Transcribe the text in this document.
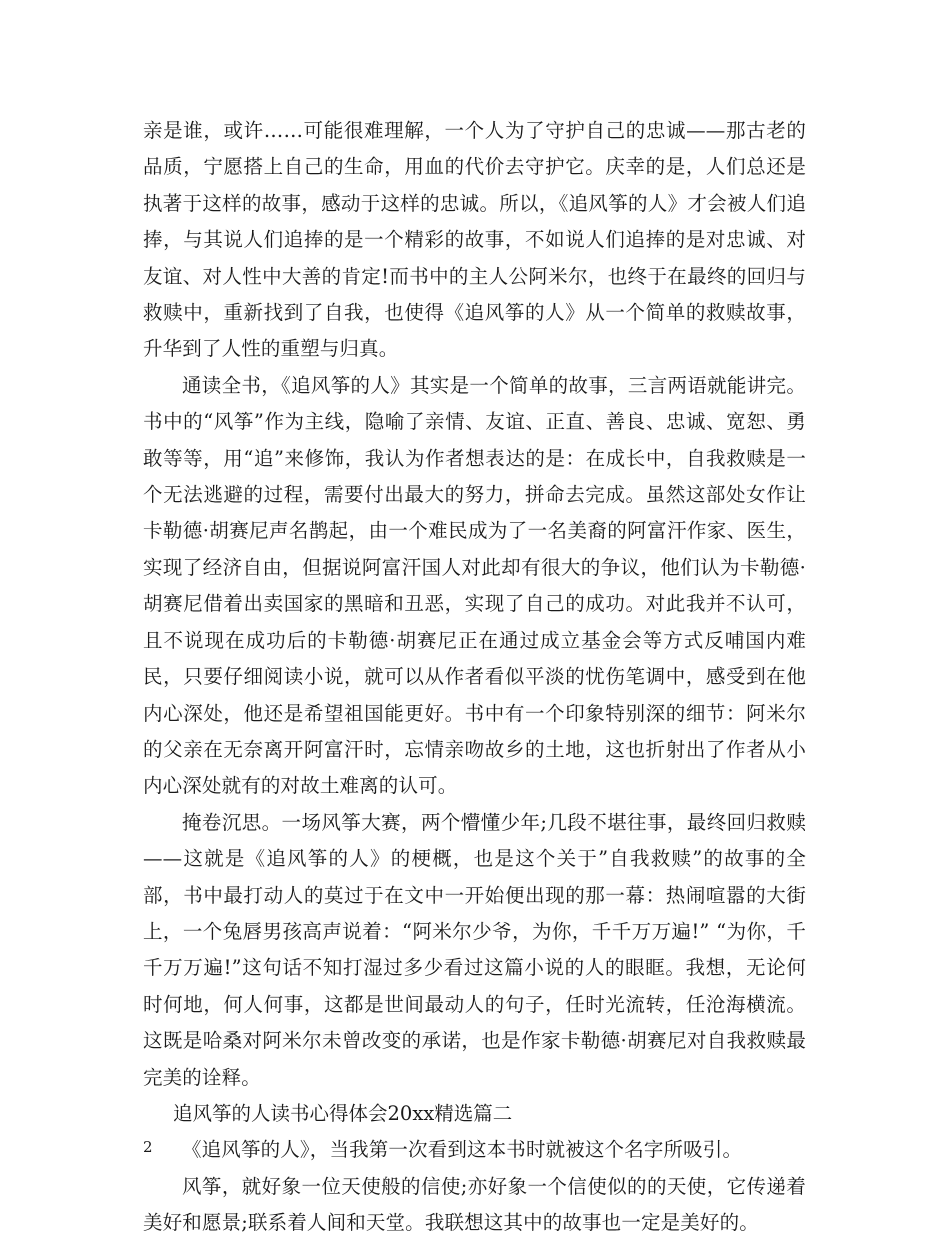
亲是谁，或许……可能很难理解，一个人为了守护自己的忠诚——那古老的品质，宁愿搭上自己的生命，用血的代价去守护它。庆幸的是，人们总还是执著于这样的故事，感动于这样的忠诚。所以，《追风筝的人》才会被人们追捧，与其说人们追捧的是一个精彩的故事，不如说人们追捧的是对忠诚、对友谊、对人性中大善的肯定!而书中的主人公阿米尔，也终于在最终的回归与救赎中，重新找到了自我，也使得《追风筝的人》从一个简单的救赎故事，升华到了人性的重塑与归真。

通读全书，《追风筝的人》其实是一个简单的故事，三言两语就能讲完。书中的“风筝”作为主线，隐喻了亲情、友谊、正直、善良、忠诚、宽恕、勇敢等等，用“追”来修饰，我认为作者想表达的是：在成长中，自我救赎是一个无法逃避的过程，需要付出最大的努力，拼命去完成。虽然这部处女作让卡勒德·胡赛尼声名鹊起，由一个难民成为了一名美裔的阿富汗作家、医生，实现了经济自由，但据说阿富汗国人对此却有很大的争议，他们认为卡勒德·胡赛尼借着出卖国家的黑暗和丑恶，实现了自己的成功。对此我并不认可，且不说现在成功后的卡勒德·胡赛尼正在通过成立基金会等方式反哺国内难民，只要仔细阅读小说，就可以从作者看似平淡的忧伤笔调中，感受到在他内心深处，他还是希望祖国能更好。书中有一个印象特别深的细节：阿米尔的父亲在无奈离开阿富汗时，忘情亲吻故乡的土地，这也折射出了作者从小内心深处就有的对故土难离的认可。

掩卷沉思。一场风筝大赛，两个懵懂少年;几段不堪往事，最终回归救赎——这就是《追风筝的人》的梗概，也是这个关于”自我救赎”的故事的全部，书中最打动人的莫过于在文中一开始便出现的那一幕：热闹喧嚣的大街上，一个兔唇男孩高声说着：“阿米尔少爷，为你，千千万万遍!” “为你，千千万万遍!”这句话不知打湿过多少看过这篇小说的人的眼眶。我想，无论何时何地，何人何事，这都是世间最动人的句子，任时光流转，任沧海横流。这既是哈桑对阿米尔未曾改变的承诺，也是作家卡勒德·胡赛尼对自我救赎最完美的诠释。

追风筝的人读书心得体会20xx精选篇二

《追风筝的人》，当我第一次看到这本书时就被这个名字所吸引。

风筝，就好象一位天使般的信使;亦好象一个信使似的的天使，它传递着美好和愿景;联系着人间和天堂。我联想这其中的故事也一定是美好的。

2
